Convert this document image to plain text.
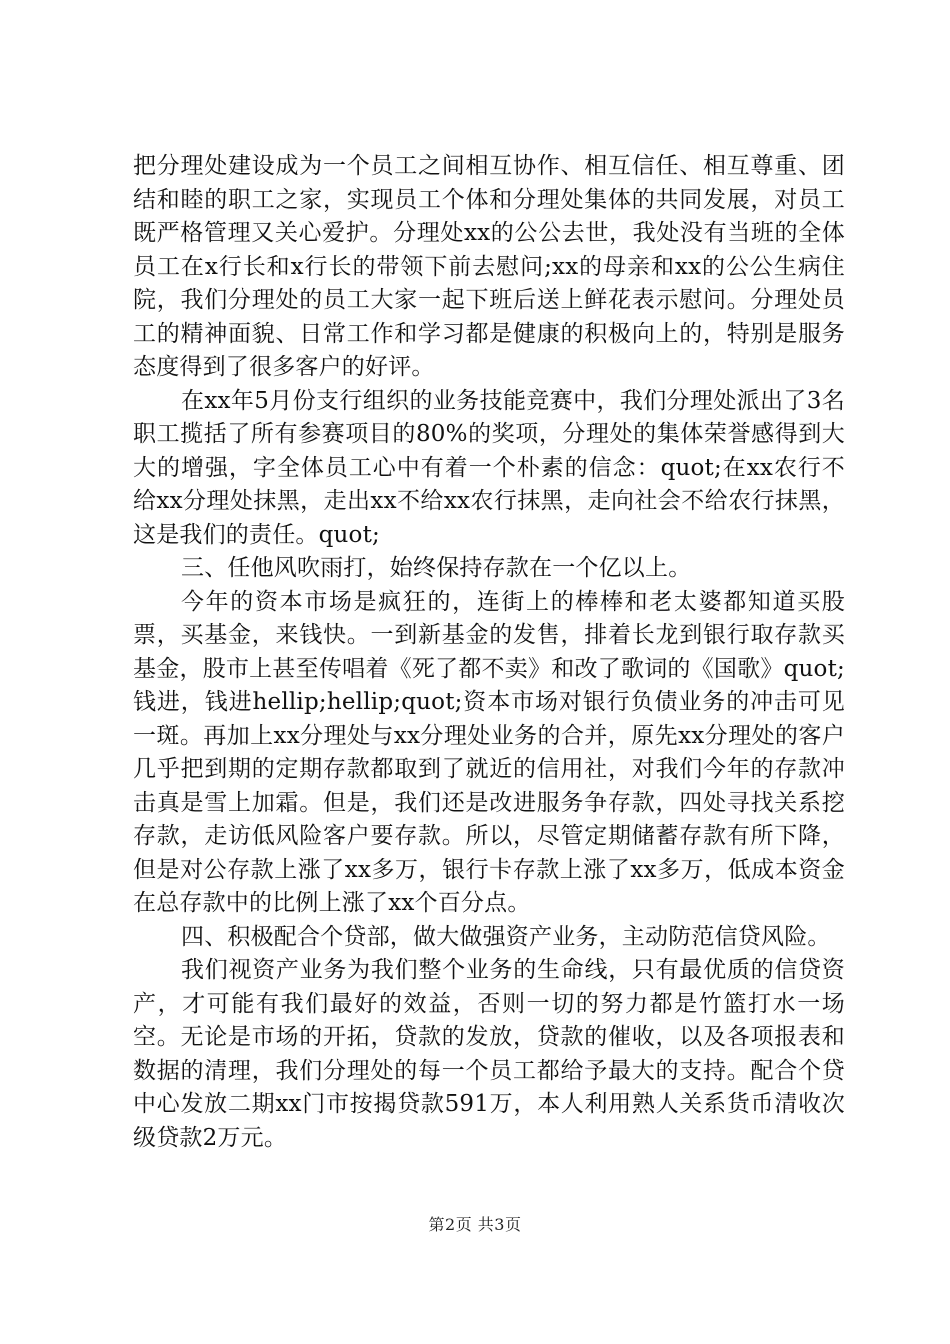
把分理处建设成为一个员工之间相互协作、相互信任、相互尊重、团结和睦的职工之家，实现员工个体和分理处集体的共同发展，对员工既严格管理又关心爱护。分理处xx的公公去世，我处没有当班的全体员工在x行长和x行长的带领下前去慰问;xx的母亲和xx的公公生病住院，我们分理处的员工大家一起下班后送上鲜花表示慰问。分理处员工的精神面貌、日常工作和学习都是健康的积极向上的，特别是服务态度得到了很多客户的好评。

在xx年5月份支行组织的业务技能竞赛中，我们分理处派出了3名职工揽括了所有参赛项目的80%的奖项，分理处的集体荣誉感得到大大的增强，字全体员工心中有着一个朴素的信念：quot;在xx农行不给xx分理处抹黑，走出xx不给xx农行抹黑，走向社会不给农行抹黑，这是我们的责任。quot;

三、任他风吹雨打，始终保持存款在一个亿以上。

今年的资本市场是疯狂的，连街上的棒棒和老太婆都知道买股票，买基金，来钱快。一到新基金的发售，排着长龙到银行取存款买基金，股市上甚至传唱着《死了都不卖》和改了歌词的《国歌》quot;钱进，钱进hellip;hellip;quot;资本市场对银行负债业务的冲击可见一斑。再加上xx分理处与xx分理处业务的合并，原先xx分理处的客户几乎把到期的定期存款都取到了就近的信用社，对我们今年的存款冲击真是雪上加霜。但是，我们还是改进服务争存款，四处寻找关系挖存款，走访低风险客户要存款。所以，尽管定期储蓄存款有所下降，但是对公存款上涨了xx多万，银行卡存款上涨了xx多万，低成本资金在总存款中的比例上涨了xx个百分点。

四、积极配合个贷部，做大做强资产业务，主动防范信贷风险。

我们视资产业务为我们整个业务的生命线，只有最优质的信贷资产，才可能有我们最好的效益，否则一切的努力都是竹篮打水一场空。无论是市场的开拓，贷款的发放，贷款的催收，以及各项报表和数据的清理，我们分理处的每一个员工都给予最大的支持。配合个贷中心发放二期xx门市按揭贷款591万，本人利用熟人关系货币清收次级贷款2万元。

第2页 共3页
